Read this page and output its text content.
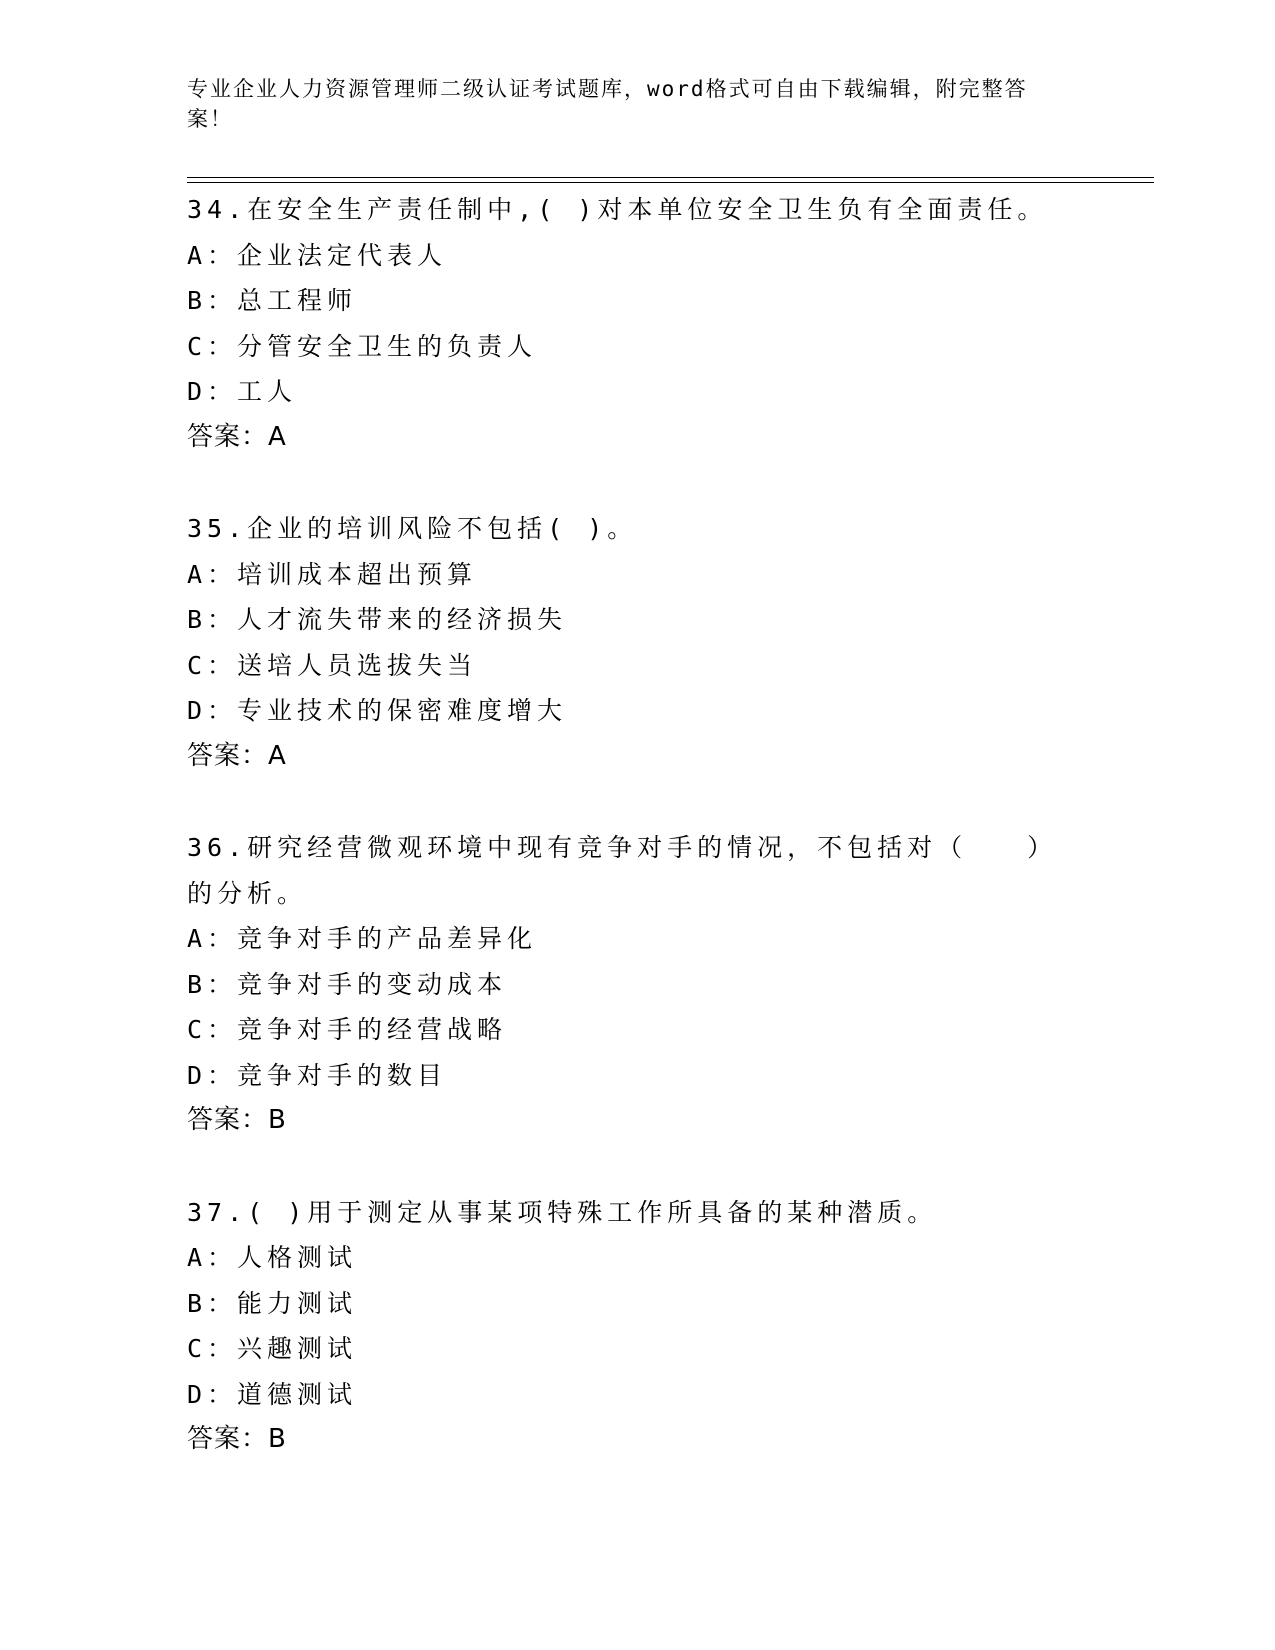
专业企业人力资源管理师二级认证考试题库，word格式可自由下载编辑，附完整答案！
34.在安全生产责任制中,( )对本单位安全卫生负有全面责任。
A：企业法定代表人
B：总工程师
C：分管安全卫生的负责人
D：工人
答案：A
35.企业的培训风险不包括( )。
A：培训成本超出预算
B：人才流失带来的经济损失
C：送培人员选拔失当
D：专业技术的保密难度增大
答案：A
36.研究经营微观环境中现有竞争对手的情况，不包括对（　　）的分析。
A：竞争对手的产品差异化
B：竞争对手的变动成本
C：竞争对手的经营战略
D：竞争对手的数目
答案：B
37.( )用于测定从事某项特殊工作所具备的某种潜质。
A：人格测试
B：能力测试
C：兴趣测试
D：道德测试
答案：B
